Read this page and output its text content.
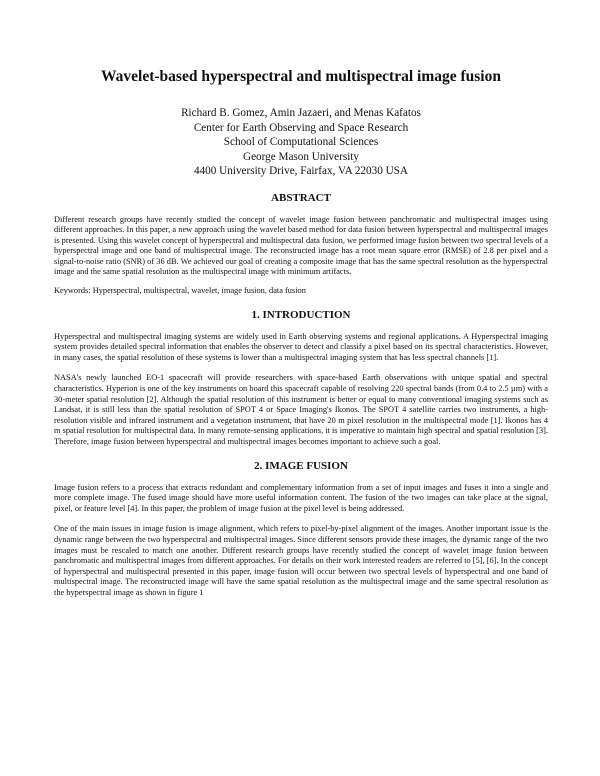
Wavelet-based hyperspectral and multispectral image fusion
Richard B. Gomez, Amin Jazaeri, and Menas Kafatos
Center for Earth Observing and Space Research
School of Computational Sciences
George Mason University
4400 University Drive, Fairfax, VA 22030 USA
ABSTRACT

Different research groups have recently studied the concept of wavelet image fusion between panchromatic and multispectral images using different approaches. In this paper, a new approach using the wavelet based method for data fusion between hyperspectral and multispectral images is presented. Using this wavelet concept of hyperspectral and multispectral data fusion, we performed image fusion between two spectral levels of a hyperspectral image and one band of multispectral image. The reconstructed image has a root mean square error (RMSE) of 2.8 per pixel and a signal-to-noise ratio (SNR) of 36 dB. We achieved our goal of creating a composite image that has the same spectral resolution as the hyperspectral image and the same spatial resolution as the multispectral image with minimum artifacts.

Keywords: Hyperspectral, multispectral, wavelet, image fusion, data fusion

1. INTRODUCTION

Hyperspectral and multispectral imaging systems are widely used in Earth observing systems and regional applications. A Hyperspectral imaging system provides detailed spectral information that enables the observer to detect and classify a pixel based on its spectral characteristics. However, in many cases, the spatial resolution of these systems is lower than a multispectral imaging system that has less spectral channels [1].

NASA's newly launched EO-1 spacecraft will provide researchers with space-based Earth observations with unique spatial and spectral characteristics. Hyperion is one of the key instruments on board this spacecraft capable of resolving 220 spectral bands (from 0.4 to 2.5 µm) with a 30-meter spatial resolution [2]. Although the spatial resolution of this instrument is better or equal to many conventional imaging systems such as Landsat, it is still less than the spatial resolution of SPOT 4 or Space Imaging's Ikonos. The SPOT 4 satellite carries two instruments, a high-resolution visible and infrared instrument and a vegetation instrument, that have 20 m pixel resolution in the multispectral mode [1]. Ikonos has 4 m spatial resolution for multispectral data. In many remote-sensing applications, it is imperative to maintain high spectral and spatial resolution [3]. Therefore, image fusion between hyperspectral and multispectral images becomes important to achieve such a goal.

2. IMAGE FUSION

Image fusion refers to a process that extracts redundant and complementary information from a set of input images and fuses it into a single and more complete image. The fused image should have more useful information content. The fusion of the two images can take place at the signal, pixel, or feature level [4]. In this paper, the problem of image fusion at the pixel level is being addressed.

One of the main issues in image fusion is image alignment, which refers to pixel-by-pixel alignment of the images. Another important issue is the dynamic range between the two hyperspectral and multispectral images. Since different sensors provide these images, the dynamic range of the two images must be rescaled to match one another. Different research groups have recently studied the concept of wavelet image fusion between panchromatic and multispectral images from different approaches. For details on their work interested readers are referred to [5], [6]. In the concept of hyperspectral and multispectral presented in this paper, image fusion will occur between two spectral levels of hyperspectral and one band of multispectral image. The reconstructed image will have the same spatial resolution as the multispectral image and the same spectral resolution as the hyperspectral image as shown in figure 1
